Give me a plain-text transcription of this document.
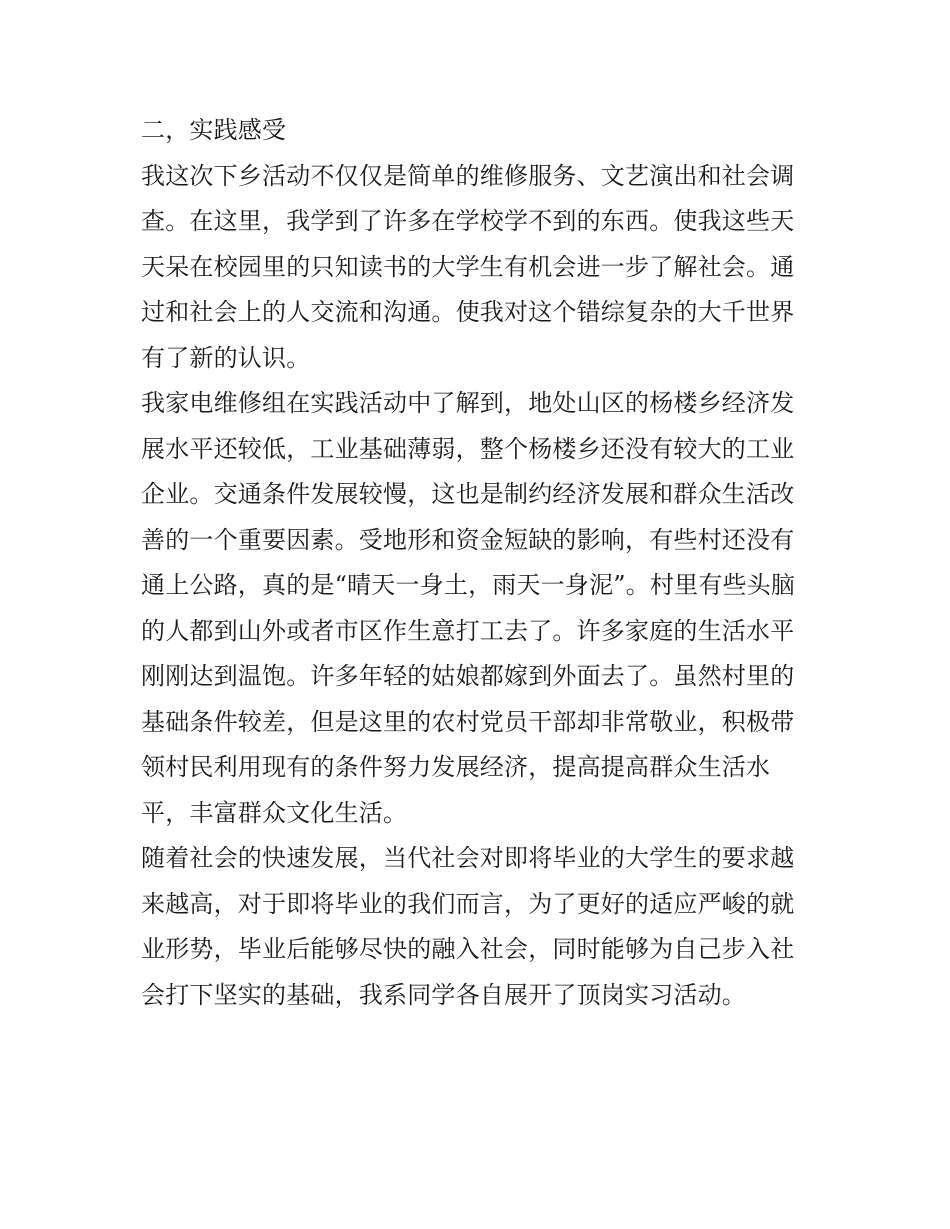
二，实践感受
我这次下乡活动不仅仅是简单的维修服务、文艺演出和社会调
查。在这里，我学到了许多在学校学不到的东西。使我这些天
天呆在校园里的只知读书的大学生有机会进一步了解社会。通
过和社会上的人交流和沟通。使我对这个错综复杂的大千世界
有了新的认识。
我家电维修组在实践活动中了解到，地处山区的杨楼乡经济发
展水平还较低，工业基础薄弱，整个杨楼乡还没有较大的工业
企业。交通条件发展较慢，这也是制约经济发展和群众生活改
善的一个重要因素。受地形和资金短缺的影响，有些村还没有
通上公路，真的是“晴天一身土，雨天一身泥”。村里有些头脑
的人都到山外或者市区作生意打工去了。许多家庭的生活水平
刚刚达到温饱。许多年轻的姑娘都嫁到外面去了。虽然村里的
基础条件较差，但是这里的农村党员干部却非常敬业，积极带
领村民利用现有的条件努力发展经济，提高提高群众生活水
平，丰富群众文化生活。
随着社会的快速发展，当代社会对即将毕业的大学生的要求越
来越高，对于即将毕业的我们而言，为了更好的适应严峻的就
业形势，毕业后能够尽快的融入社会，同时能够为自己步入社
会打下坚实的基础，我系同学各自展开了顶岗实习活动。
